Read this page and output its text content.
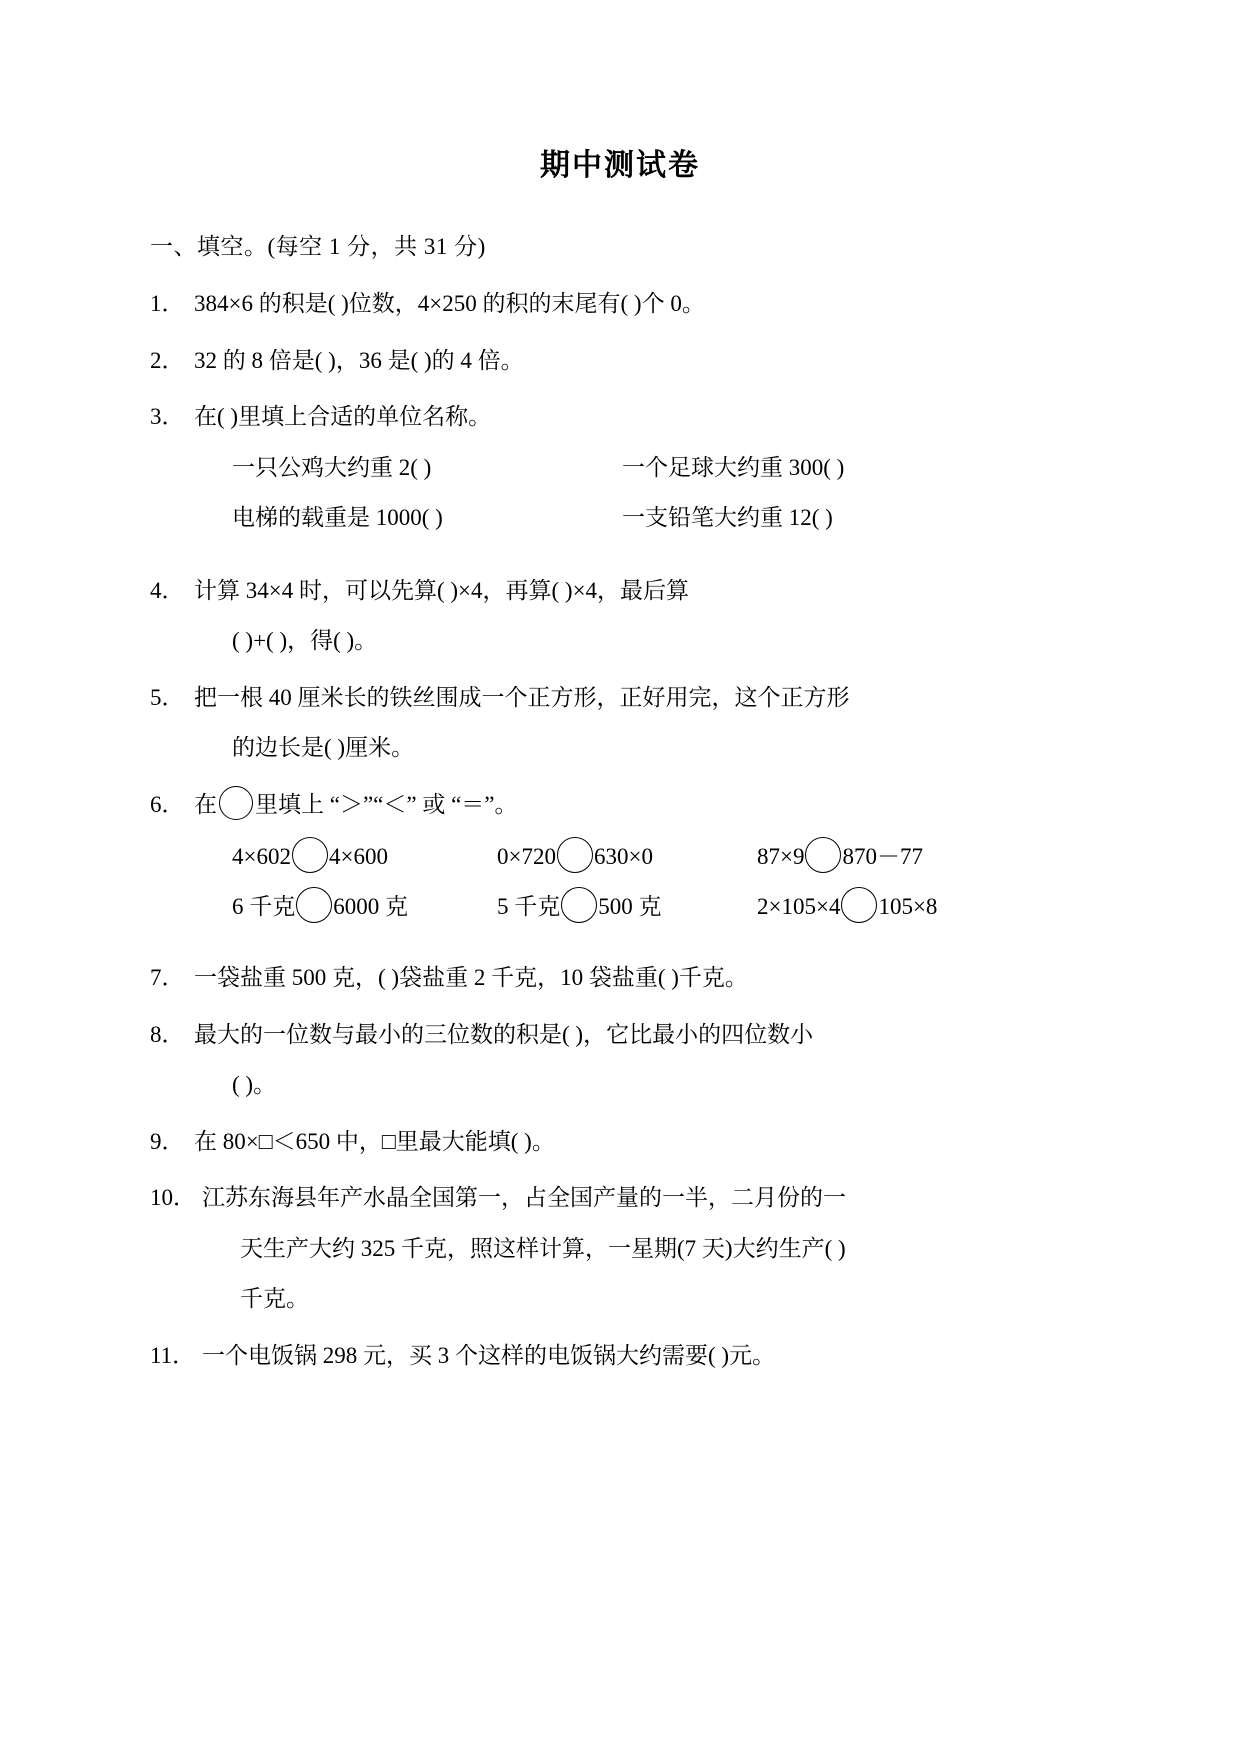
期中测试卷
一、填空。(每空 1 分，共 31 分)
1． 384×6 的积是( )位数，4×250 的积的末尾有( )个 0。
2． 32 的 8 倍是( )，36 是( )的 4 倍。
3． 在( )里填上合适的单位名称。
一只公鸡大约重 2( )	一个足球大约重 300( )
电梯的载重是 1000( )	一支铅笔大约重 12( )
4． 计算 34×4 时，可以先算( )×4，再算( )×4，最后算
( )+( )，得( )。
5． 把一根 40 厘米长的铁丝围成一个正方形，正好用完，这个正方形
的边长是( )厘米。
6． 在 里填上 “＞”“＜” 或 “＝”。
4×602 4×600	0×720 630×0	87×9 870－77
6 千克 6000 克	5 千克 500 克	2×105×4 105×8
7． 一袋盐重 500 克，( )袋盐重 2 千克，10 袋盐重( )千克。
8． 最大的一位数与最小的三位数的积是( )，它比最小的四位数小
( )。
9． 在 80×□＜650 中，□里最大能填( )。
10． 江苏东海县年产水晶全国第一，占全国产量的一半，二月份的一
天生产大约 325 千克，照这样计算，一星期(7 天)大约生产( )
千克。
11． 一个电饭锅 298 元，买 3 个这样的电饭锅大约需要( )元。
